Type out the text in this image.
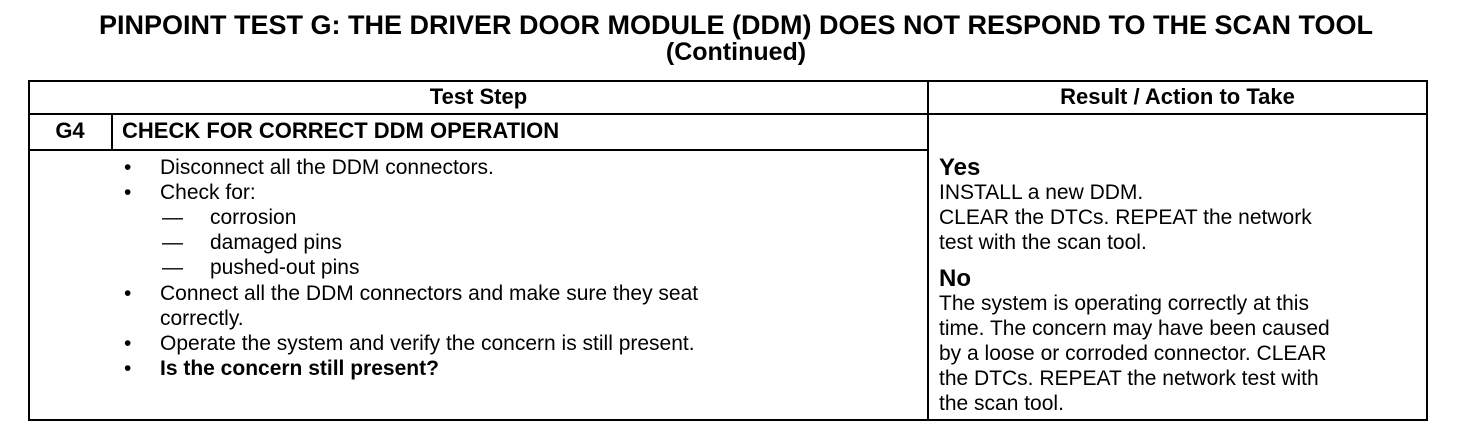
PINPOINT TEST G: THE DRIVER DOOR MODULE (DDM) DOES NOT RESPOND TO THE SCAN TOOL
(Continued)
Test Step	Result / Action to Take
G4	CHECK FOR CORRECT DDM OPERATION
• Disconnect all the DDM connectors.
• Check for:
— corrosion
— damaged pins
— pushed-out pins
• Connect all the DDM connectors and make sure they seat
correctly.
• Operate the system and verify the concern is still present.
• Is the concern still present?
Yes
INSTALL a new DDM.
CLEAR the DTCs. REPEAT the network
test with the scan tool.
No
The system is operating correctly at this
time. The concern may have been caused
by a loose or corroded connector. CLEAR
the DTCs. REPEAT the network test with
the scan tool.
